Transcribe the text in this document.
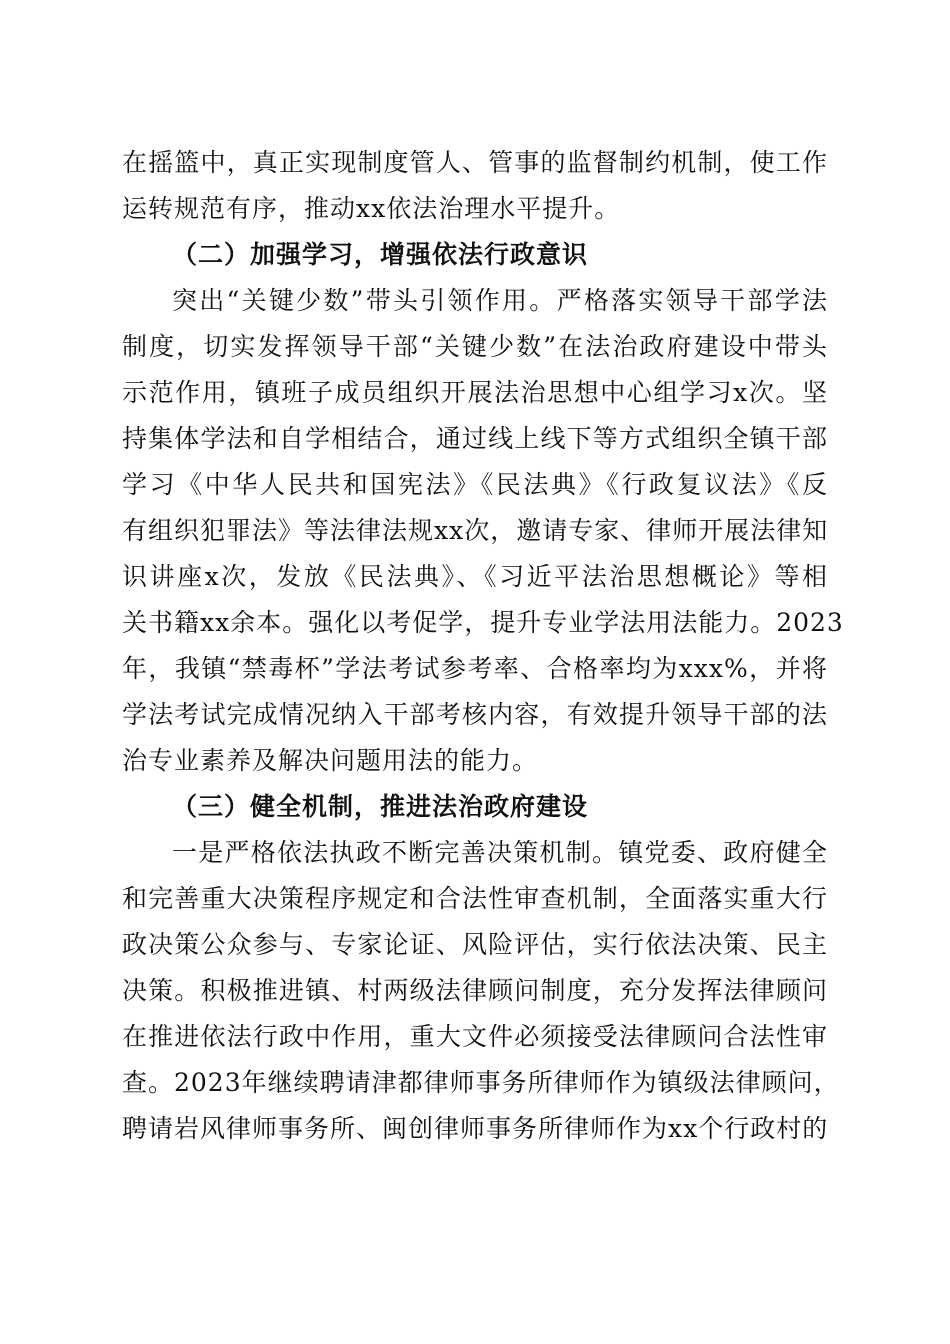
在摇篮中，真正实现制度管人、管事的监督制约机制，使工作
运转规范有序，推动xx依法治理水平提升。
（二）加强学习，增强依法行政意识
突出“关键少数”带头引领作用。严格落实领导干部学法
制度，切实发挥领导干部“关键少数”在法治政府建设中带头
示范作用，镇班子成员组织开展法治思想中心组学习x次。坚
持集体学法和自学相结合，通过线上线下等方式组织全镇干部
学习《中华人民共和国宪法》《民法典》《行政复议法》《反
有组织犯罪法》等法律法规xx次，邀请专家、律师开展法律知
识讲座x次，发放《民法典》、《习近平法治思想概论》等相
关书籍xx余本。强化以考促学，提升专业学法用法能力。2023
年，我镇“禁毒杯”学法考试参考率、合格率均为xxx%，并将
学法考试完成情况纳入干部考核内容，有效提升领导干部的法
治专业素养及解决问题用法的能力。
（三）健全机制，推进法治政府建设
一是严格依法执政不断完善决策机制。镇党委、政府健全
和完善重大决策程序规定和合法性审查机制，全面落实重大行
政决策公众参与、专家论证、风险评估，实行依法决策、民主
决策。积极推进镇、村两级法律顾问制度，充分发挥法律顾问
在推进依法行政中作用，重大文件必须接受法律顾问合法性审
查。2023年继续聘请津都律师事务所律师作为镇级法律顾问，
聘请岩风律师事务所、闽创律师事务所律师作为xx个行政村的
